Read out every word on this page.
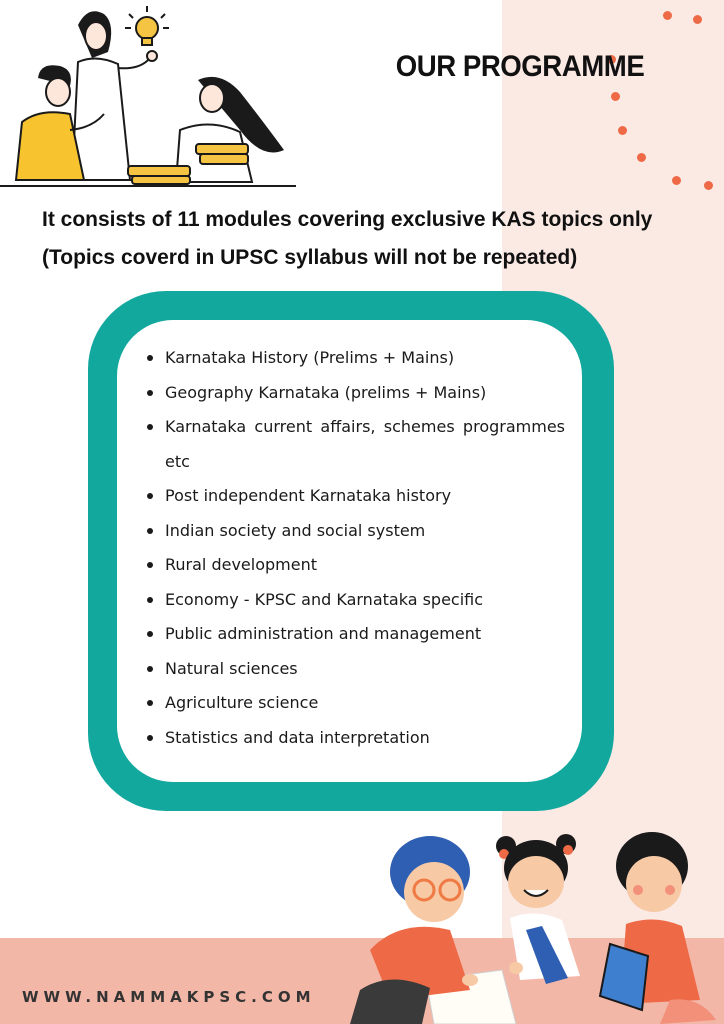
OUR PROGRAMME
It consists of 11 modules covering exclusive KAS topics only
(Topics coverd in UPSC syllabus will not be repeated)
Karnataka History (Prelims + Mains)
Geography Karnataka (prelims + Mains)
Karnataka current affairs, schemes programmes etc
Post independent Karnataka history
Indian society and social system
Rural development
Economy - KPSC and Karnataka specific
Public administration and management
Natural sciences
Agriculture science
Statistics and data interpretation
WWW.NAMMAKPSC.COM
